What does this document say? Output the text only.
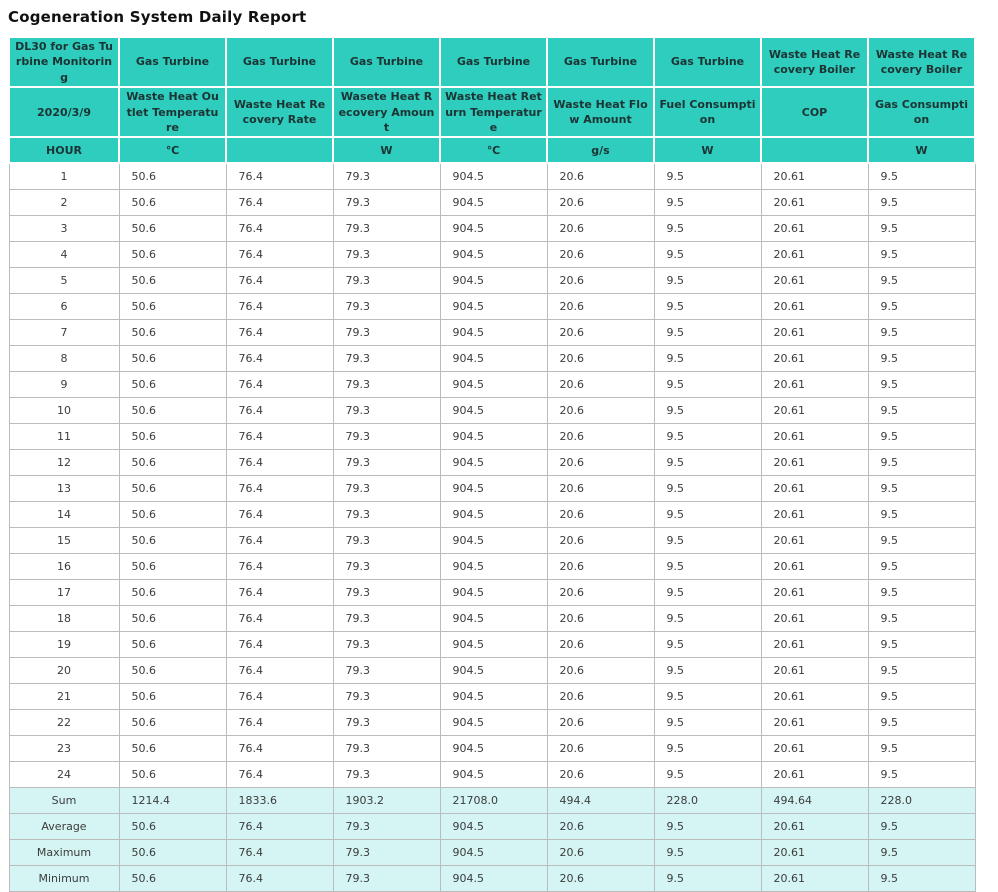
Cogeneration System Daily Report
DL30 for Gas Turbine Monitoring	Gas Turbine	Gas Turbine	Gas Turbine	Gas Turbine	Gas Turbine	Gas Turbine	Waste Heat Recovery Boiler	Waste Heat Recovery Boiler
2020/3/9	Waste Heat Outlet Temperature	Waste Heat Recovery Rate	Wasete Heat Recovery Amount	Waste Heat Return Temperature	Waste Heat Flow Amount	Fuel Consumption	COP	Gas Consumption
HOUR	℃		W	℃	g/s	W		W
1	50.6	76.4	79.3	904.5	20.6	9.5	20.61	9.5
2	50.6	76.4	79.3	904.5	20.6	9.5	20.61	9.5
3	50.6	76.4	79.3	904.5	20.6	9.5	20.61	9.5
4	50.6	76.4	79.3	904.5	20.6	9.5	20.61	9.5
5	50.6	76.4	79.3	904.5	20.6	9.5	20.61	9.5
6	50.6	76.4	79.3	904.5	20.6	9.5	20.61	9.5
7	50.6	76.4	79.3	904.5	20.6	9.5	20.61	9.5
8	50.6	76.4	79.3	904.5	20.6	9.5	20.61	9.5
9	50.6	76.4	79.3	904.5	20.6	9.5	20.61	9.5
10	50.6	76.4	79.3	904.5	20.6	9.5	20.61	9.5
11	50.6	76.4	79.3	904.5	20.6	9.5	20.61	9.5
12	50.6	76.4	79.3	904.5	20.6	9.5	20.61	9.5
13	50.6	76.4	79.3	904.5	20.6	9.5	20.61	9.5
14	50.6	76.4	79.3	904.5	20.6	9.5	20.61	9.5
15	50.6	76.4	79.3	904.5	20.6	9.5	20.61	9.5
16	50.6	76.4	79.3	904.5	20.6	9.5	20.61	9.5
17	50.6	76.4	79.3	904.5	20.6	9.5	20.61	9.5
18	50.6	76.4	79.3	904.5	20.6	9.5	20.61	9.5
19	50.6	76.4	79.3	904.5	20.6	9.5	20.61	9.5
20	50.6	76.4	79.3	904.5	20.6	9.5	20.61	9.5
21	50.6	76.4	79.3	904.5	20.6	9.5	20.61	9.5
22	50.6	76.4	79.3	904.5	20.6	9.5	20.61	9.5
23	50.6	76.4	79.3	904.5	20.6	9.5	20.61	9.5
24	50.6	76.4	79.3	904.5	20.6	9.5	20.61	9.5
Sum	1214.4	1833.6	1903.2	21708.0	494.4	228.0	494.64	228.0
Average	50.6	76.4	79.3	904.5	20.6	9.5	20.61	9.5
Maximum	50.6	76.4	79.3	904.5	20.6	9.5	20.61	9.5
Minimum	50.6	76.4	79.3	904.5	20.6	9.5	20.61	9.5
